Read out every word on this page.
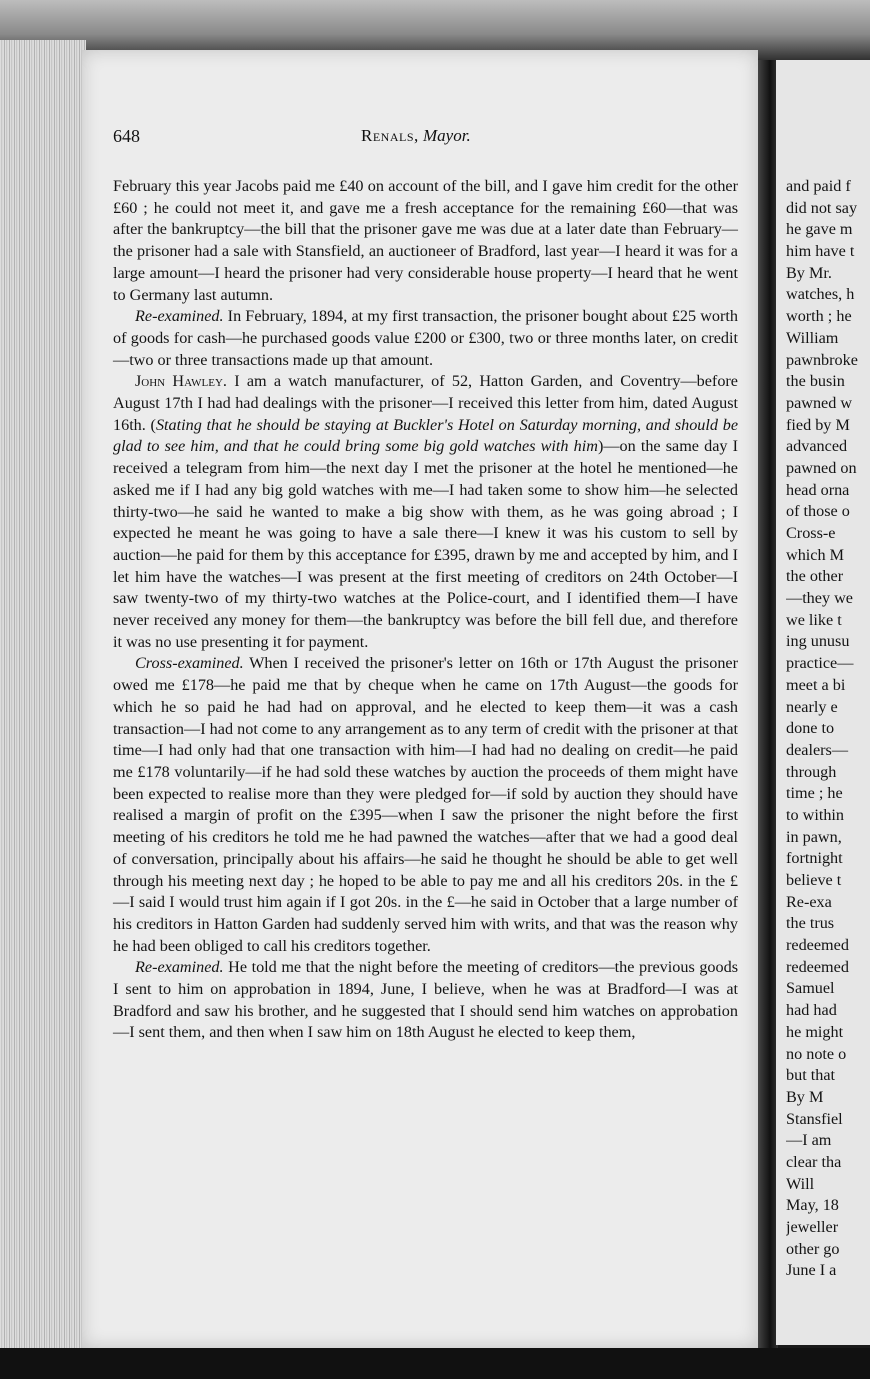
648	Renals, Mayor.

February this year Jacobs paid me £40 on account of the bill, and I gave him credit for the other £60 ; he could not meet it, and gave me a fresh acceptance for the remaining £60—that was after the bankruptcy—the bill that the prisoner gave me was due at a later date than February—the prisoner had a sale with Stansfield, an auctioneer of Bradford, last year—I heard it was for a large amount—I heard the prisoner had very considerable house property—I heard that he went to Germany last autumn.

Re-examined. In February, 1894, at my first transaction, the prisoner bought about £25 worth of goods for cash—he purchased goods value £200 or £300, two or three months later, on credit—two or three transactions made up that amount.

John Hawley. I am a watch manufacturer, of 52, Hatton Garden, and Coventry—before August 17th I had had dealings with the prisoner—I received this letter from him, dated August 16th. (Stating that he should be staying at Buckler's Hotel on Saturday morning, and should be glad to see him, and that he could bring some big gold watches with him)—on the same day I received a telegram from him—the next day I met the prisoner at the hotel he mentioned—he asked me if I had any big gold watches with me—I had taken some to show him—he selected thirty-two—he said he wanted to make a big show with them, as he was going abroad ; I expected he meant he was going to have a sale there—I knew it was his custom to sell by auction—he paid for them by this acceptance for £395, drawn by me and accepted by him, and I let him have the watches—I was present at the first meeting of creditors on 24th October—I saw twenty-two of my thirty-two watches at the Police-court, and I identified them—I have never received any money for them—the bankruptcy was before the bill fell due, and therefore it was no use presenting it for payment.

Cross-examined. When I received the prisoner's letter on 16th or 17th August the prisoner owed me £178—he paid me that by cheque when he came on 17th August—the goods for which he so paid he had had on approval, and he elected to keep them—it was a cash transaction—I had not come to any arrangement as to any term of credit with the prisoner at that time—I had only had that one transaction with him—I had had no dealing on credit—he paid me £178 voluntarily—if he had sold these watches by auction the proceeds of them might have been expected to realise more than they were pledged for—if sold by auction they should have realised a margin of profit on the £395—when I saw the prisoner the night before the first meeting of his creditors he told me he had pawned the watches—after that we had a good deal of conversation, principally about his affairs—he said he thought he should be able to get well through his meeting next day ; he hoped to be able to pay me and all his creditors 20s. in the £—I said I would trust him again if I got 20s. in the £—he said in October that a large number of his creditors in Hatton Garden had suddenly served him with writs, and that was the reason why he had been obliged to call his creditors together.

Re-examined. He told me that the night before the meeting of creditors—the previous goods I sent to him on approbation in 1894, June, I believe, when he was at Bradford—I was at Bradford and saw his brother, and he suggested that I should send him watches on approbation—I sent them, and then when I saw him on 18th August he elected to keep them,

and paid f
did not say
he gave m
him have t
By Mr.
watches, h
worth ; he
William
pawnbroke
the busin
pawned w
fied by M
advanced
pawned on
head orna
of those o
Cross-e
which M
the other
—they we
we like t
ing unusu
practice—
meet a bi
nearly e
done to
dealers—
through
time ; he
to within
in pawn,
fortnight
believe t
Re-exa
the trus
redeemed
redeemed
Samuel
had had
he might
no note o
but that
By M
Stansfiel
—I am
clear tha
Will
May, 18
jeweller
other go
June I a
